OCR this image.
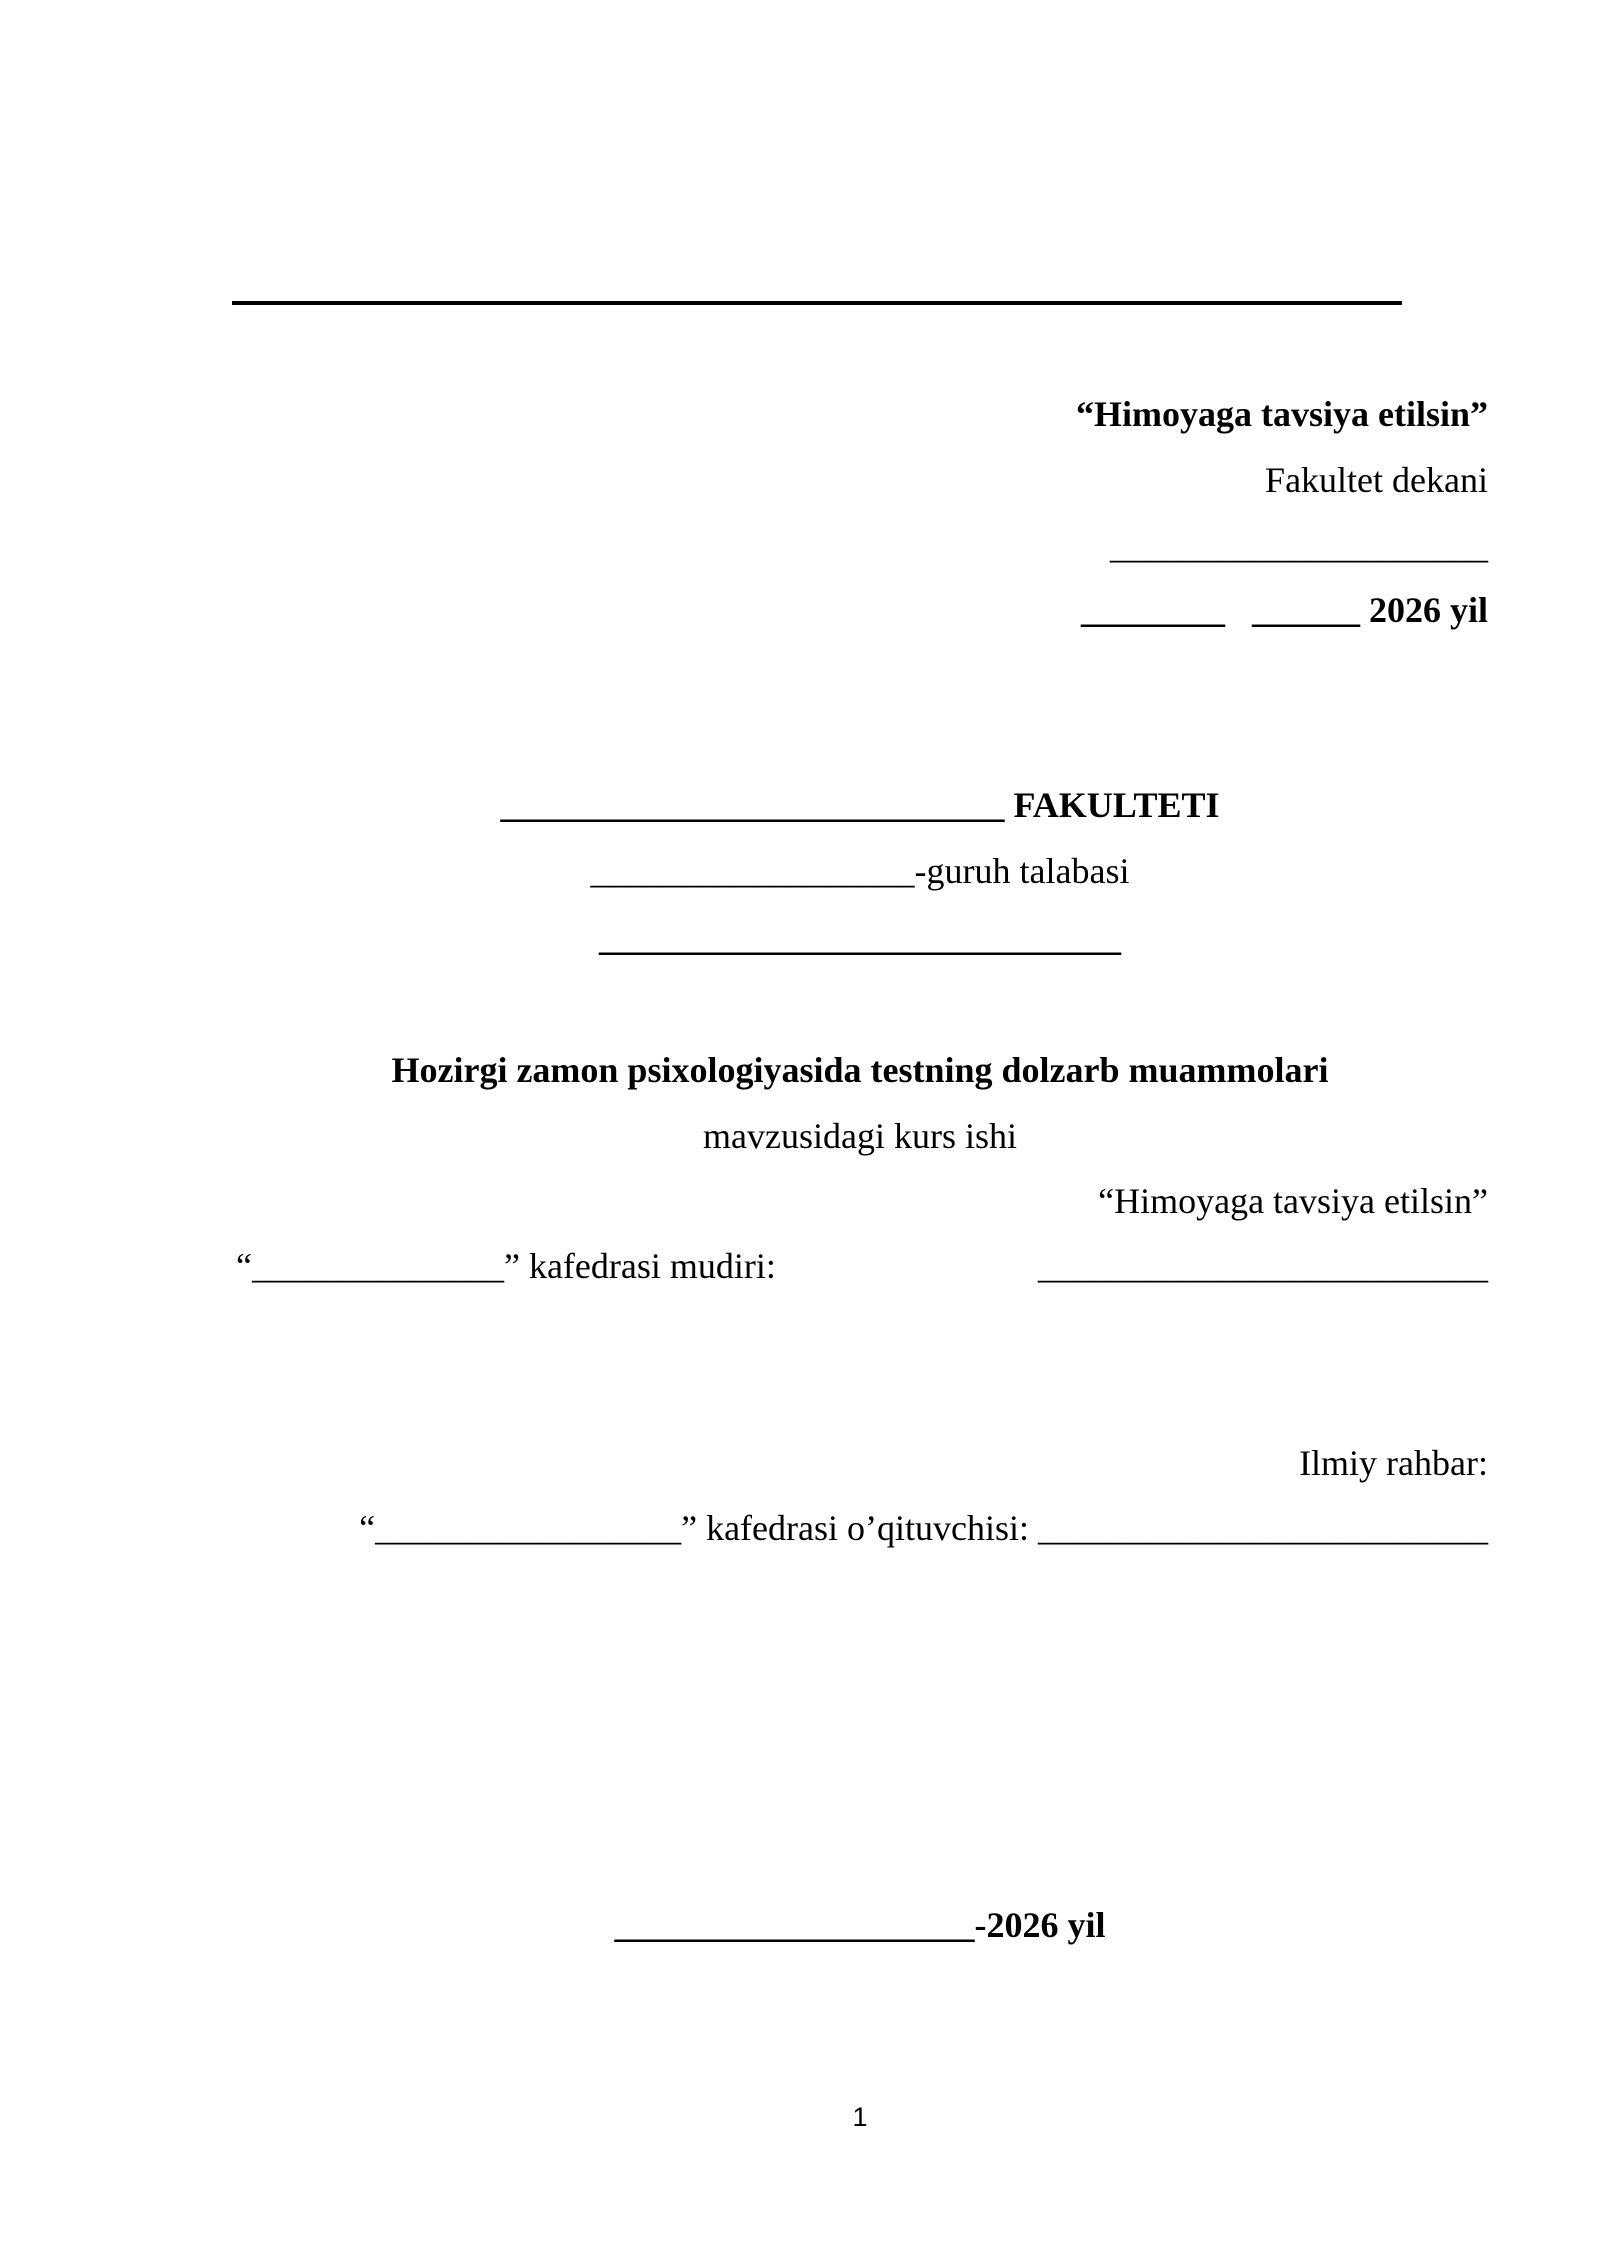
“Himoyaga tavsiya etilsin”
Fakultet dekani
_____________________
________   ______ 2026 yil
____________________________ FAKULTETI
__________________-guruh talabasi
_____________________________
Hozirgi zamon psixologiyasida testning dolzarb muammolari
mavzusidagi kurs ishi
“Himoyaga tavsiya etilsin”
“______________” kafedrasi mudiri:	_________________________
Ilmiy rahbar:
“_________________” kafedrasi o’qituvchisi: _________________________
____________________-2026 yil
1
